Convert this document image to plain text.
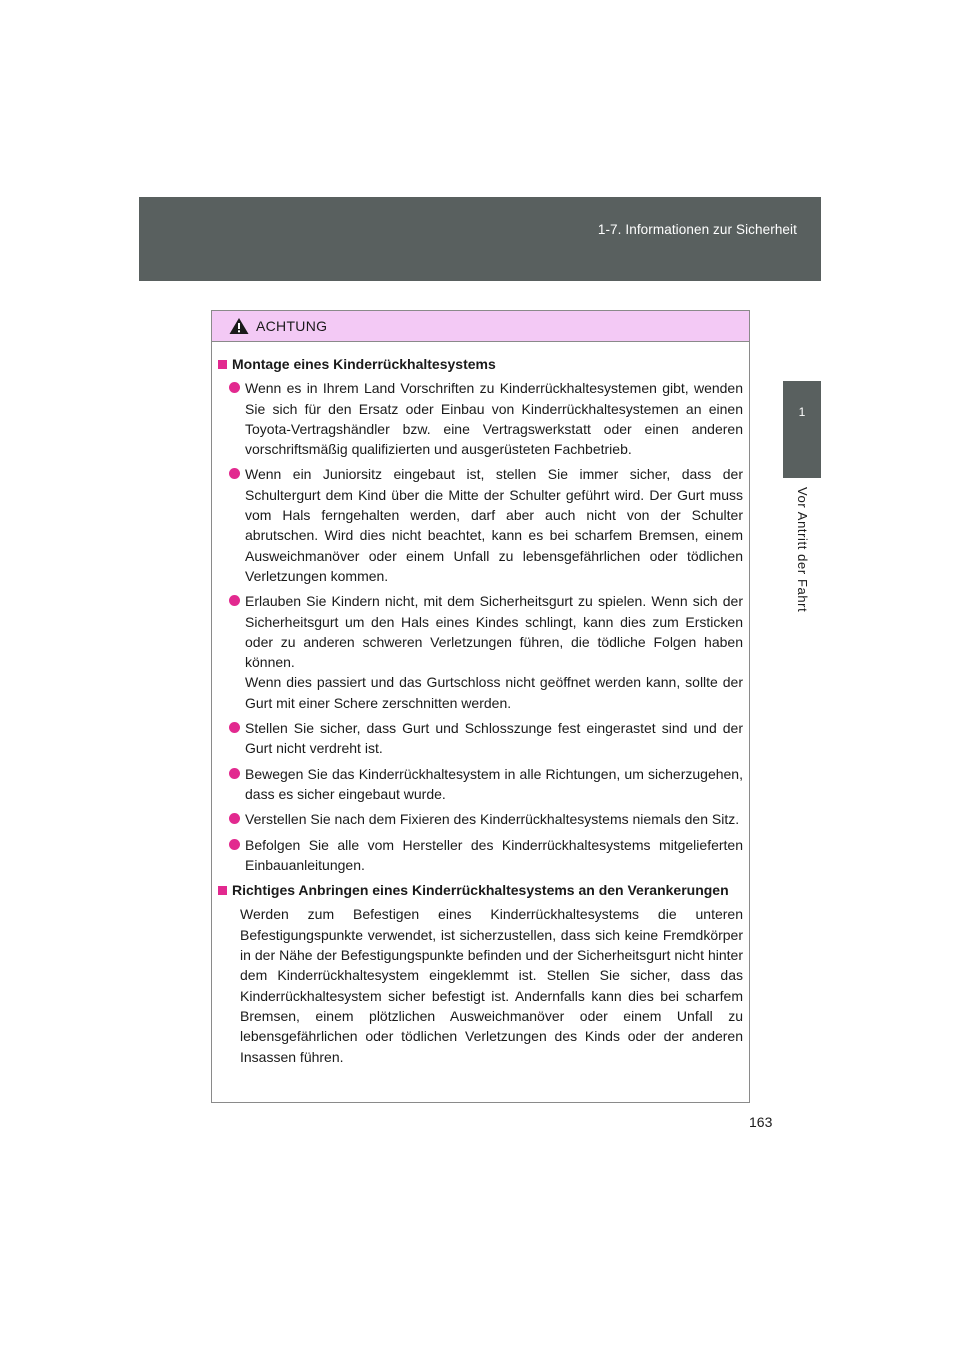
1-7. Informationen zur Sicherheit
1
Vor Antritt der Fahrt
ACHTUNG
Montage eines Kinderrückhaltesystems
Wenn es in Ihrem Land Vorschriften zu Kinderrückhaltesystemen gibt, wenden Sie sich für den Ersatz oder Einbau von Kinderrückhaltesystemen an einen Toyota-Vertragshändler bzw. eine Vertragswerkstatt oder einen anderen vorschriftsmäßig qualifizierten und ausgerüsteten Fachbetrieb.
Wenn ein Juniorsitz eingebaut ist, stellen Sie immer sicher, dass der Schultergurt dem Kind über die Mitte der Schulter geführt wird. Der Gurt muss vom Hals ferngehalten werden, darf aber auch nicht von der Schulter abrutschen. Wird dies nicht beachtet, kann es bei scharfem Bremsen, einem Ausweichmanöver oder einem Unfall zu lebensgefährlichen oder tödlichen Verletzungen kommen.
Erlauben Sie Kindern nicht, mit dem Sicherheitsgurt zu spielen. Wenn sich der Sicherheitsgurt um den Hals eines Kindes schlingt, kann dies zum Ersticken oder zu anderen schweren Verletzungen führen, die tödliche Folgen haben können.
Wenn dies passiert und das Gurtschloss nicht geöffnet werden kann, sollte der Gurt mit einer Schere zerschnitten werden.
Stellen Sie sicher, dass Gurt und Schlosszunge fest eingerastet sind und der Gurt nicht verdreht ist.
Bewegen Sie das Kinderrückhaltesystem in alle Richtungen, um sicherzugehen, dass es sicher eingebaut wurde.
Verstellen Sie nach dem Fixieren des Kinderrückhaltesystems niemals den Sitz.
Befolgen Sie alle vom Hersteller des Kinderrückhaltesystems mitgelieferten Einbauanleitungen.
Richtiges Anbringen eines Kinderrückhaltesystems an den Verankerungen
Werden zum Befestigen eines Kinderrückhaltesystems die unteren Befestigungspunkte verwendet, ist sicherzustellen, dass sich keine Fremdkörper in der Nähe der Befestigungspunkte befinden und der Sicherheitsgurt nicht hinter dem Kinderrückhaltesystem eingeklemmt ist. Stellen Sie sicher, dass das Kinderrückhaltesystem sicher befestigt ist. Andernfalls kann dies bei scharfem Bremsen, einem plötzlichen Ausweichmanöver oder einem Unfall zu lebensgefährlichen oder tödlichen Verletzungen des Kinds oder der anderen Insassen führen.
163
